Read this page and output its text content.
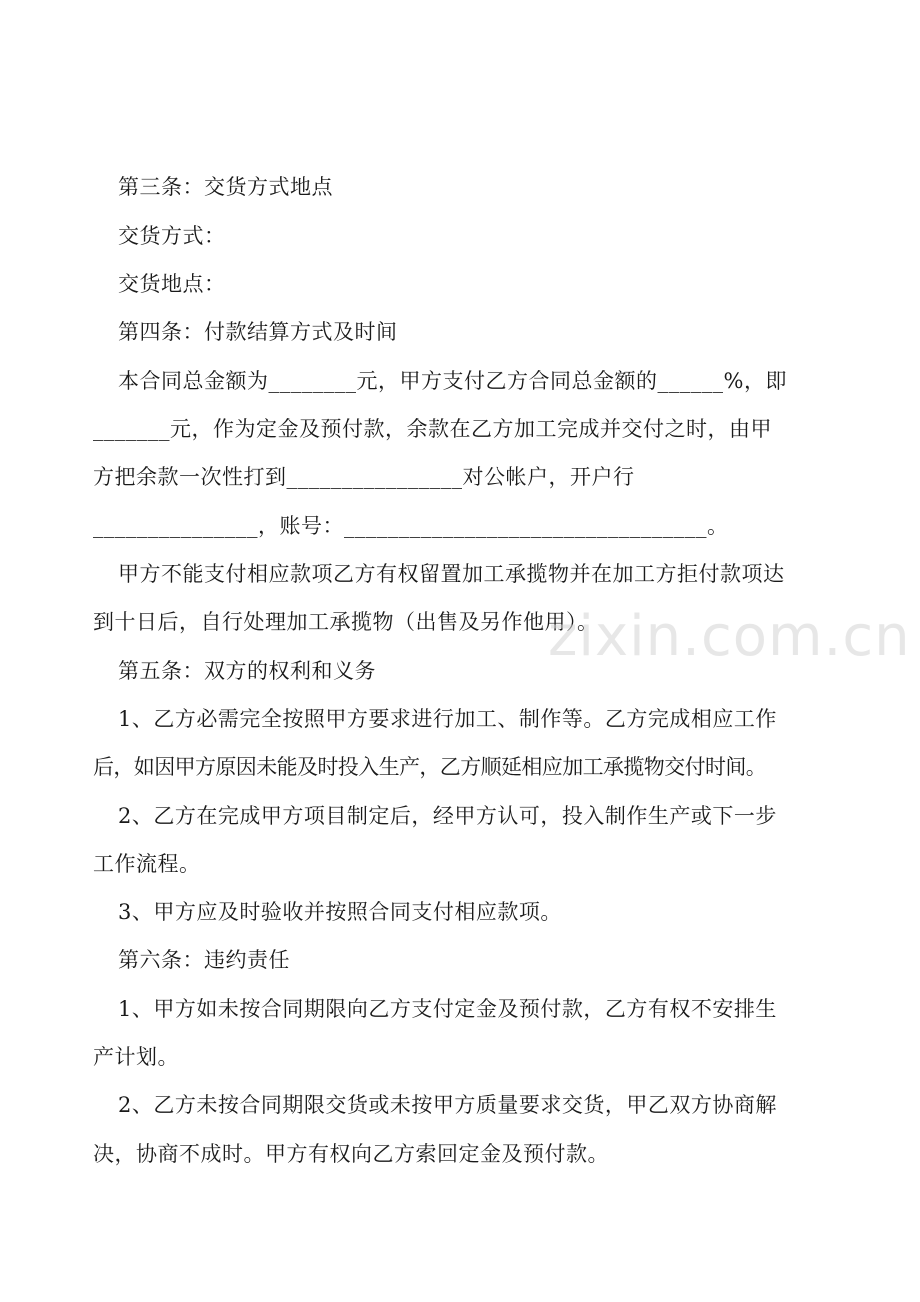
第三条：交货方式地点
交货方式：
交货地点：
第四条：付款结算方式及时间
本合同总金额为________元，甲方支付乙方合同总金额的______%，即
_______元，作为定金及预付款，余款在乙方加工完成并交付之时，由甲
方把余款一次性打到________________对公帐户，开户行
_______________，账号：_________________________________。
甲方不能支付相应款项乙方有权留置加工承揽物并在加工方拒付款项达
到十日后，自行处理加工承揽物（出售及另作他用）。
第五条：双方的权利和义务
1、乙方必需完全按照甲方要求进行加工、制作等。乙方完成相应工作
后，如因甲方原因未能及时投入生产，乙方顺延相应加工承揽物交付时间。
2、乙方在完成甲方项目制定后，经甲方认可，投入制作生产或下一步
工作流程。
3、甲方应及时验收并按照合同支付相应款项。
第六条：违约责任
1、甲方如未按合同期限向乙方支付定金及预付款，乙方有权不安排生
产计划。
2、乙方未按合同期限交货或未按甲方质量要求交货，甲乙双方协商解
决，协商不成时。甲方有权向乙方索回定金及预付款。
zixin.com.cn
